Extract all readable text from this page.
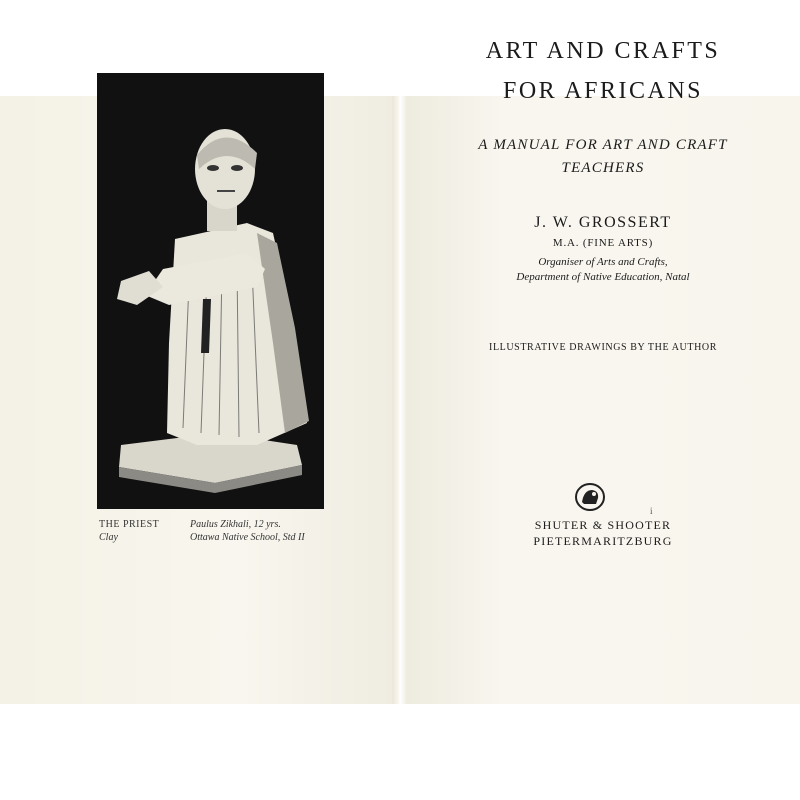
THE PRIEST
Clay
Paulus Zikhali, 12 yrs.
Ottawa Native School, Std II
ART AND CRAFTS
FOR AFRICANS
A MANUAL FOR ART AND CRAFT
TEACHERS
J. W. GROSSERT
M.A. (FINE ARTS)
Organiser of Arts and Crafts,
Department of Native Education, Natal
ILLUSTRATIVE DRAWINGS BY THE AUTHOR
i
SHUTER & SHOOTER
PIETERMARITZBURG
